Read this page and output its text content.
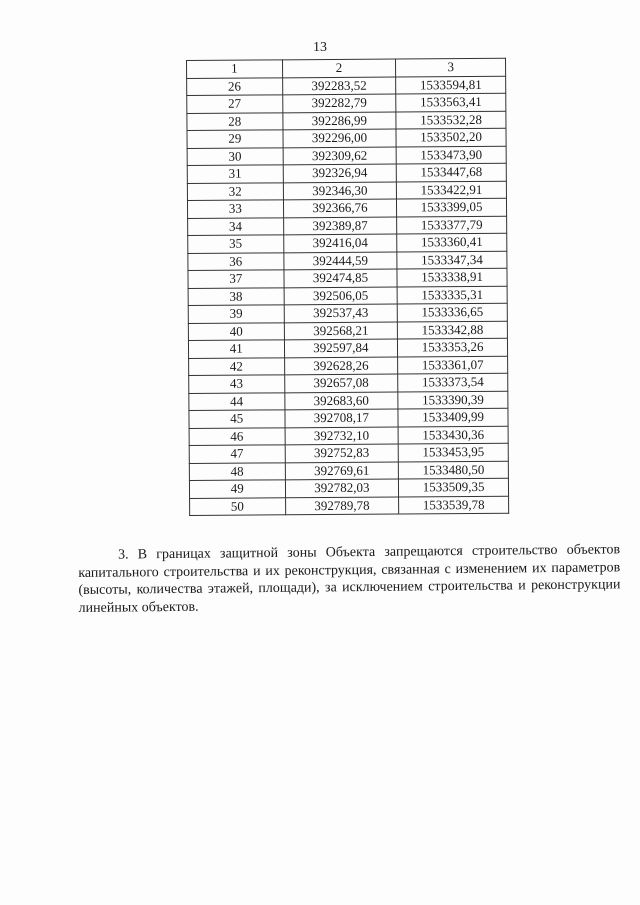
13
1	2	3
26	392283,52	1533594,81
27	392282,79	1533563,41
28	392286,99	1533532,28
29	392296,00	1533502,20
30	392309,62	1533473,90
31	392326,94	1533447,68
32	392346,30	1533422,91
33	392366,76	1533399,05
34	392389,87	1533377,79
35	392416,04	1533360,41
36	392444,59	1533347,34
37	392474,85	1533338,91
38	392506,05	1533335,31
39	392537,43	1533336,65
40	392568,21	1533342,88
41	392597,84	1533353,26
42	392628,26	1533361,07
43	392657,08	1533373,54
44	392683,60	1533390,39
45	392708,17	1533409,99
46	392732,10	1533430,36
47	392752,83	1533453,95
48	392769,61	1533480,50
49	392782,03	1533509,35
50	392789,78	1533539,78
3. В границах защитной зоны Объекта запрещаются строительство объектов капитального строительства и их реконструкция, связанная с изменением их параметров (высоты, количества этажей, площади), за исключением строительства и реконструкции линейных объектов.
